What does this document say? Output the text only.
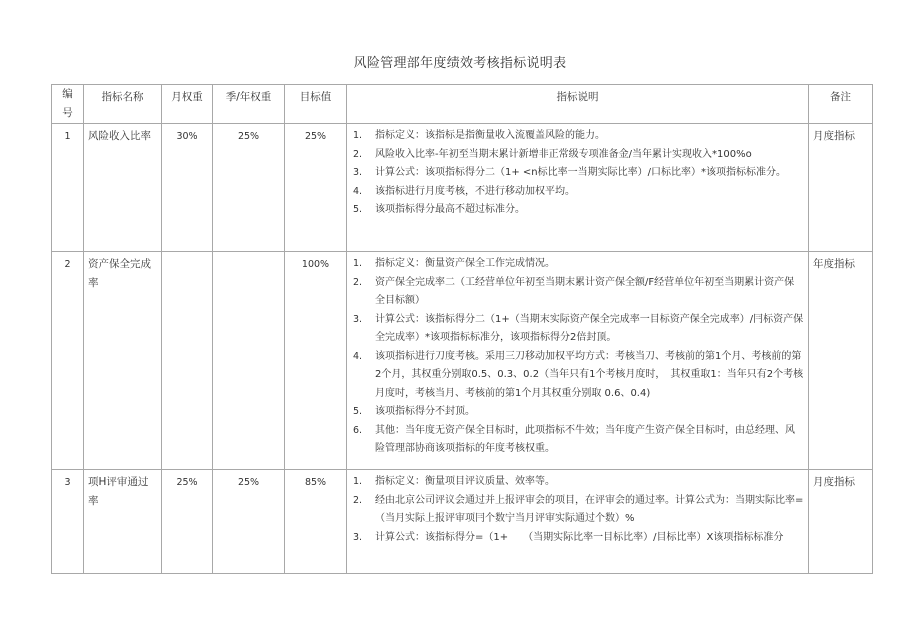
风险管理部年度绩效考核指标说明表
编号	指标名称	月权重	季/年权重	目标值	指标说明	备注
1	风险收入比率	30%	25%	25%	1. 指标定义：该指标是指衡量收入流覆盖风险的能力。
2. 风险收入比率-年初至当期末累计新增非正常级专项准备金/当年累计实现收入*100%o
3. 计算公式：该项指标得分二（1+ <n标比率一当期实际比率）/口标比率）*该项指标标准分。
4. 该指标进行月度考核，不进行移动加权平均。
5. 该项指标得分最高不超过标准分。
	月度指标
2	资产保全完成率			100%	1. 指标定义：衡量资产保全工作完成情况。
2. 资产保全完成率二（工经营单位年初至当期末累计资产保全额/F经营单位年初至当期累计资产保全目标额）
3. 计算公式：该指标得分二（1+（当期末实际资产保全完成率一目标资产保全完成率）/冃标资产保全完成率）*该项指标标准分，该项指标得分2倍封顶。
4. 该项指标进行刀度考核。采用三刀移动加权平均方式：考核当刀、考核前的第1个月、考核前的第2个月，其权重分别取0.5、0.3、0.2（当年只有1个考核月度时，　其权重取1：当年只有2个考核月度吋，考核当月、考核前的第1个月其权重分别取 0.6、0.4)
5. 该项指标得分不封顶。
6. 其他：当年度无资产保全目标时，此项指标不牛效；当年度产生资产保全目标吋，由总经理、风险管理部协商该项指标的年度考核权重。
	年度指标
3	项H评审通过率	25%	25%	85%	1. 指标定义：衡量项目评议质量、效率等。
2. 经由北京公司评议会通过并上报评审会的项目，在评审会的通过率。计算公式为：当期实际比率=（当月实际上报评审项冃个数宁当月评审实际通过个数）%
3. 计算公式：该指标得分=（1+　　（当期实际比率一目标比率）/目标比率）X该项指标标准分
	月度指标
